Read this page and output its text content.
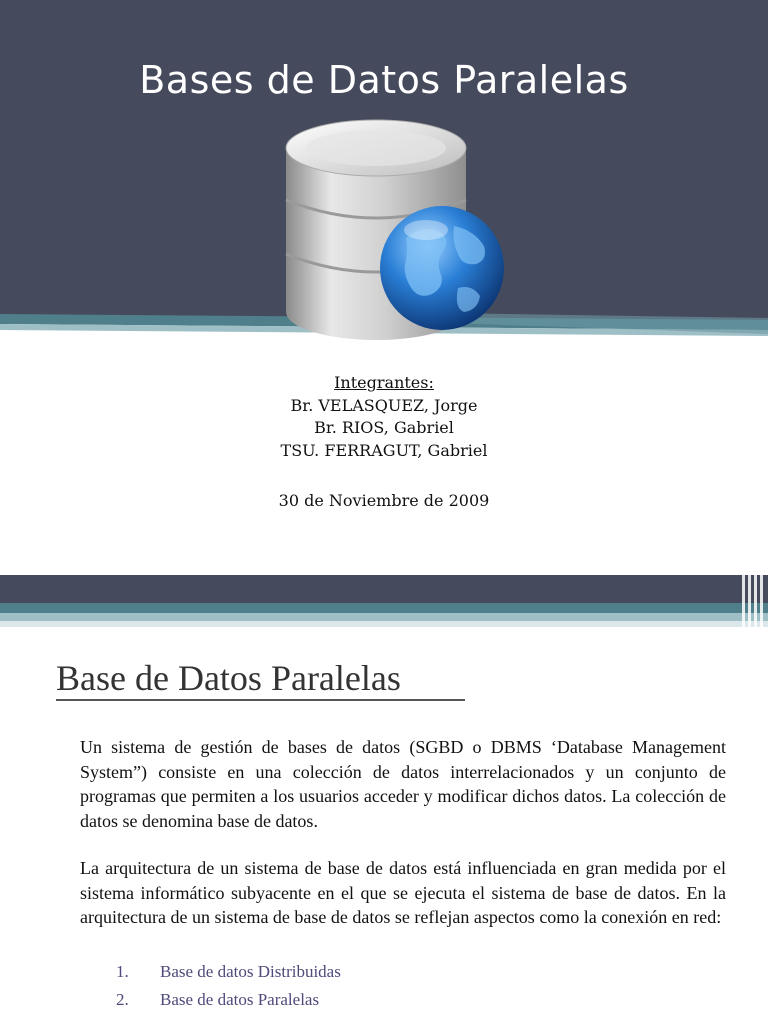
Bases de Datos Paralelas
Integrantes:
Br. VELASQUEZ, Jorge
Br. RIOS, Gabriel
TSU. FERRAGUT, Gabriel
30 de Noviembre de 2009
Base de Datos Paralelas

Un sistema de gestión de bases de datos (SGBD o DBMS ‘Database Management System”) consiste en una colección de datos interrelacionados y un conjunto de programas que permiten a los usuarios acceder y modificar dichos datos. La colección de datos se denomina base de datos.

La arquitectura de un sistema de base de datos está influenciada en gran medida por el sistema informático subyacente en el que se ejecuta el sistema de base de datos. En la arquitectura de un sistema de base de datos se reflejan aspectos como la conexión en red:

1. Base de datos Distribuidas
2. Base de datos Paralelas
